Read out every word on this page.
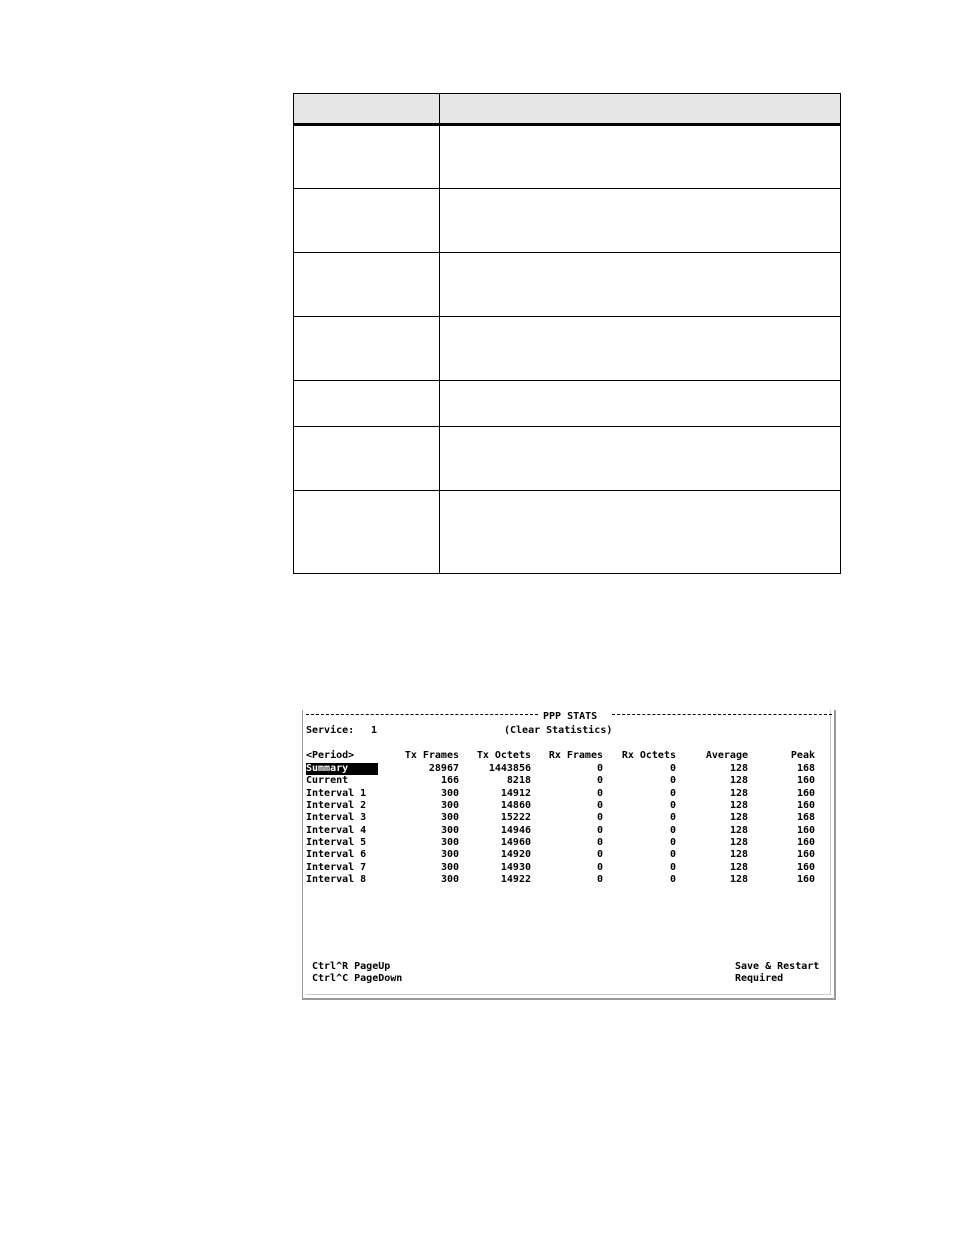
PPP STATS
Service: 1	(Clear Statistics)
<Period>	Tx Frames	Tx Octets	Rx Frames	Rx Octets	Average	Peak
Summary	28967	1443856	0	0	128	168
Current	166	8218	0	0	128	160
Interval 1	300	14912	0	0	128	160
Interval 2	300	14860	0	0	128	160
Interval 3	300	15222	0	0	128	168
Interval 4	300	14946	0	0	128	160
Interval 5	300	14960	0	0	128	160
Interval 6	300	14920	0	0	128	160
Interval 7	300	14930	0	0	128	160
Interval 8	300	14922	0	0	128	160
Ctrl^R PageUp
Ctrl^C PageDown
Save & Restart
Required
